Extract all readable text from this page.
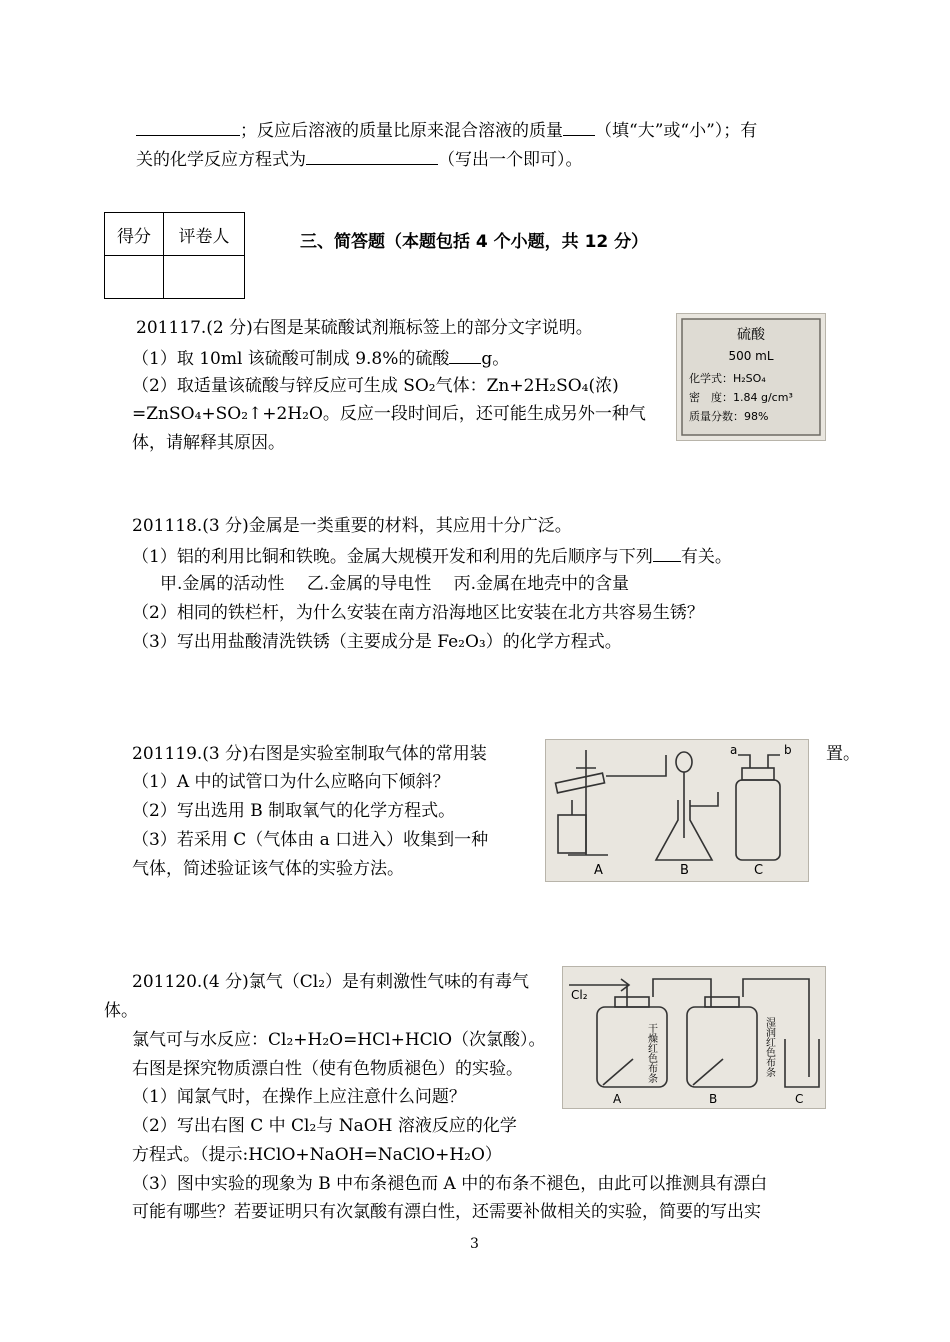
；反应后溶液的质量比原来混合溶液的质量 （填“大”或“小”）；有
关的化学反应方程式为	（写出一个即可）。
得分	评卷人
		三、简答题（本题包括 4 个小题，共 12 分）
201117.(2 分)右图是某硫酸试剂瓶标签上的部分文字说明。
（1）取 10ml 该硫酸可制成 9.8%的硫酸 g。
（2）取适量该硫酸与锌反应可生成 SO₂气体：Zn+2H₂SO₄(浓)
=ZnSO₄+SO₂↑+2H₂O。反应一段时间后，还可能生成另外一种气
体，请解释其原因。
硫酸
500 mL
化学式：H₂SO₄
密　度：1.84 g/cm³
质量分数：98%
201118.(3 分)金属是一类重要的材料，其应用十分广泛。
（1）铝的利用比铜和铁晚。金属大规模开发和利用的先后顺序与下列 有关。
甲.金属的活动性　 乙.金属的导电性　 丙.金属在地壳中的含量
（2）相同的铁栏杆，为什么安装在南方沿海地区比安装在北方共容易生锈？
（3）写出用盐酸清洗铁锈（主要成分是 Fe₂O₃）的化学方程式。
201119.(3 分)右图是实验室制取气体的常用装	置。
（1）A 中的试管口为什么应略向下倾斜？
（2）写出选用 B 制取氧气的化学方程式。
（3）若采用 C（气体由 a 口进入）收集到一种
气体，简述验证该气体的实验方法。	A	B	C
a	b
201120.(4 分)氯气（Cl₂）是有刺激性气味的有毒气
体。
氯气可与水反应：Cl₂+H₂O=HCl+HClO（次氯酸）。
右图是探究物质漂白性（使有色物质褪色）的实验。
（1）闻氯气时，在操作上应注意什么问题？
（2）写出右图 C 中 Cl₂与 NaOH 溶液反应的化学
方程式。（提示:HClO+NaOH=NaClO+H₂O）
（3）图中实验的现象为 B 中布条褪色而 A 中的布条不褪色，由此可以推测具有漂白
可能有哪些？若要证明只有次氯酸有漂白性，还需要补做相关的实验，简要的写出实
Cl₂
干燥红色布条	湿润红色布条
A	B	C
3
